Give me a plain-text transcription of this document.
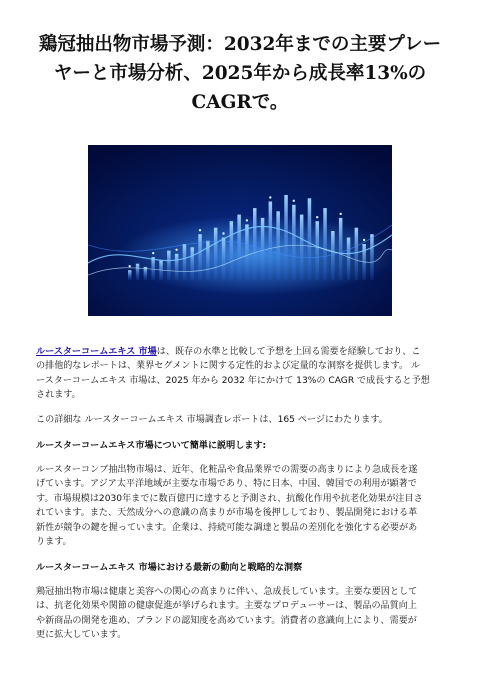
鶏冠抽出物市場予測：2032年までの主要プレー
ヤーと市場分析、2025年から成長率13%の
CAGRで。

ルースターコームエキス 市場は、既存の水準と比較して予想を上回る需要を経験しており、こ
の排他的なレポートは、業界セグメントに関する定性的および定量的な洞察を提供します。 ル
ースターコームエキス 市場は、2025 年から 2032 年にかけて 13%の CAGR で成長すると予想
されます。

この詳細な ルースターコームエキス 市場調査レポートは、165 ページにわたります。

ルースターコームエキス市場について簡単に説明します:

ルースターコンブ抽出物市場は、近年、化粧品や食品業界での需要の高まりにより急成長を遂
げています。アジア太平洋地域が主要な市場であり、特に日本、中国、韓国での利用が顕著で
す。市場規模は2030年までに数百億円に達すると予測され、抗酸化作用や抗老化効果が注目さ
れています。また、天然成分への意識の高まりが市場を後押ししており、製品開発における革
新性が競争の鍵を握っています。企業は、持続可能な調達と製品の差別化を強化する必要があ
ります。

ルースターコームエキス 市場における最新の動向と戦略的な洞察

鶏冠抽出物市場は健康と美容への関心の高まりに伴い、急成長しています。主要な要因として
は、抗老化効果や関節の健康促進が挙げられます。主要なプロデューサーは、製品の品質向上
や新商品の開発を進め、ブランドの認知度を高めています。消費者の意識向上により、需要が
更に拡大しています。
